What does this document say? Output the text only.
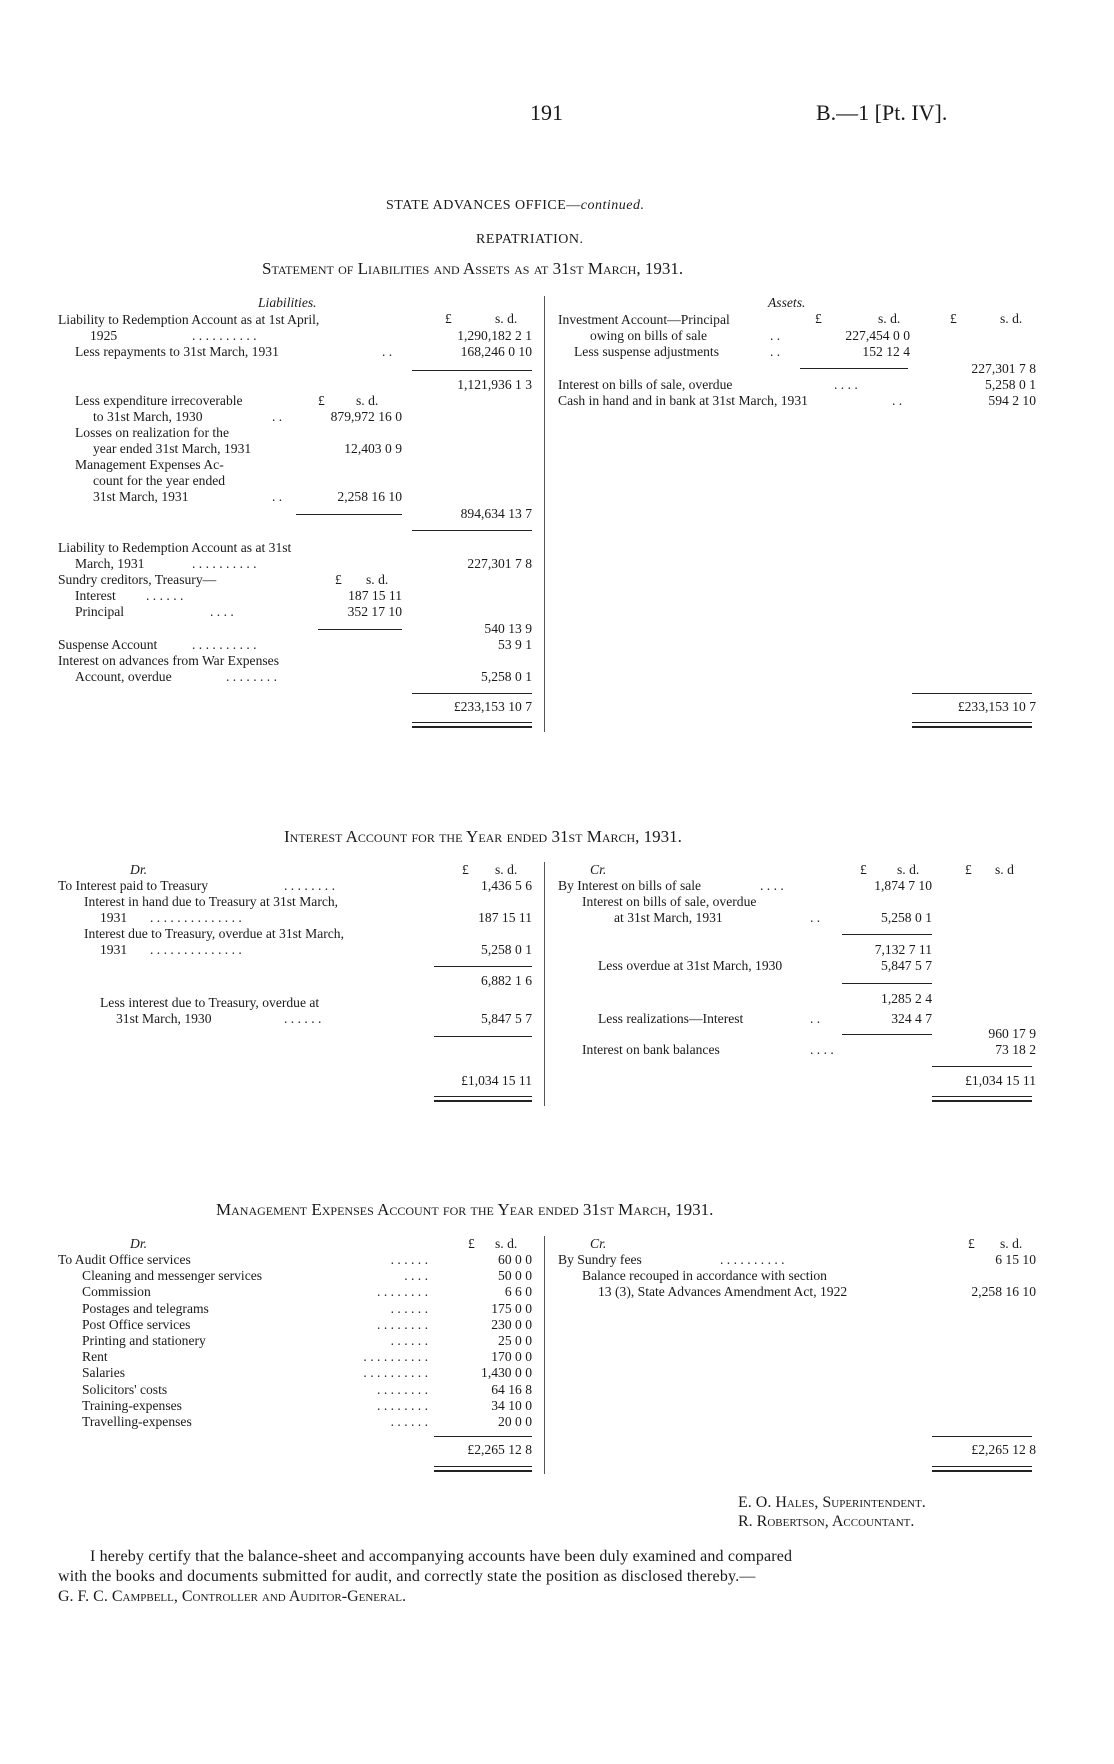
191	B.—1 [Pt. IV].
STATE ADVANCES OFFICE—continued.
REPATRIATION.
Statement of Liabilities and Assets as at 31st March, 1931.
Liabilities.
£	s. d.
Liability to Redemption Account as at 1st April,
1925	. . . . . . . . . .	1,290,182 2 1
Less repayments to 31st March, 1931	. .	168,246 0 10
1,121,936 1 3
Less expenditure irrecoverable	£ s. d.
to 31st March, 1930	. .	879,972 16 0
Losses on realization for the
year ended 31st March, 1931	12,403 0 9
Management Expenses Ac-
count for the year ended
31st March, 1931	. .	2,258 16 10
894,634 13 7
Liability to Redemption Account as at 31st
March, 1931	. . . . . . . . . .	227,301 7 8
Sundry creditors, Treasury—	£ s. d.
Interest . . . . . .	187 15 11
Principal	. . . .	352 17 10
540 13 9
Suspense Account	. . . . . . . . . .	53 9 1
Interest on advances from War Expenses
Account, overdue	. . . . . . . .	5,258 0 1
£233,153 10 7
Assets.
£	s. d.	£	s. d.
Investment Account—Principal
owing on bills of sale	. .	227,454 0 0
Less suspense adjustments	. .	152 12 4
227,301 7 8
Interest on bills of sale, overdue	. . . .	5,258 0 1
Cash in hand and in bank at 31st March, 1931	. .	594 2 10
£233,153 10 7
Interest Account for the Year ended 31st March, 1931.
Dr.	£ s. d.
To Interest paid to Treasury	. . . . . . . .	1,436 5 6
Interest in hand due to Treasury at 31st March,
1931 . . . . . . . . . . . . . .	187 15 11
Interest due to Treasury, overdue at 31st March,
1931 . . . . . . . . . . . . . .	5,258 0 1
6,882 1 6
Less interest due to Treasury, overdue at
31st March, 1930	. . . . . .	5,847 5 7
£1,034 15 11
Cr.	£ s. d.	£ s. d
By Interest on bills of sale	. . . .	1,874 7 10
Interest on bills of sale, overdue
at 31st March, 1931	. .	5,258 0 1
7,132 7 11
Less overdue at 31st March, 1930	5,847 5 7
1,285 2 4
Less realizations—Interest	. .	324 4 7
960 17 9
Interest on bank balances	. . . .	73 18 2
£1,034 15 11
Management Expenses Account for the Year ended 31st March, 1931.
Dr.	£ s. d.
To Audit Office services	. . . . . .	60 0 0
Cleaning and messenger services	. . . .	50 0 0
Commission	. . . . . . . .	6 6 0
Postages and telegrams	. . . . . .	175 0 0
Post Office services	. . . . . . . .	230 0 0
Printing and stationery	. . . . . .	25 0 0
Rent	. . . . . . . . . .	170 0 0
Salaries	. . . . . . . . . .	1,430 0 0
Solicitors' costs	. . . . . . . .	64 16 8
Training-expenses	. . . . . . . .	34 10 0
Travelling-expenses	. . . . . .	20 0 0
£2,265 12 8
Cr.	£ s. d.
By Sundry fees	. . . . . . . . . .	6 15 10
Balance recouped in accordance with section
13 (3), State Advances Amendment Act, 1922	2,258 16 10
£2,265 12 8
E. O. Hales, Superintendent.
R. Robertson, Accountant.
I hereby certify that the balance-sheet and accompanying accounts have been duly examined and compared
with the books and documents submitted for audit, and correctly state the position as disclosed thereby.—
G. F. C. Campbell, Controller and Auditor-General.
